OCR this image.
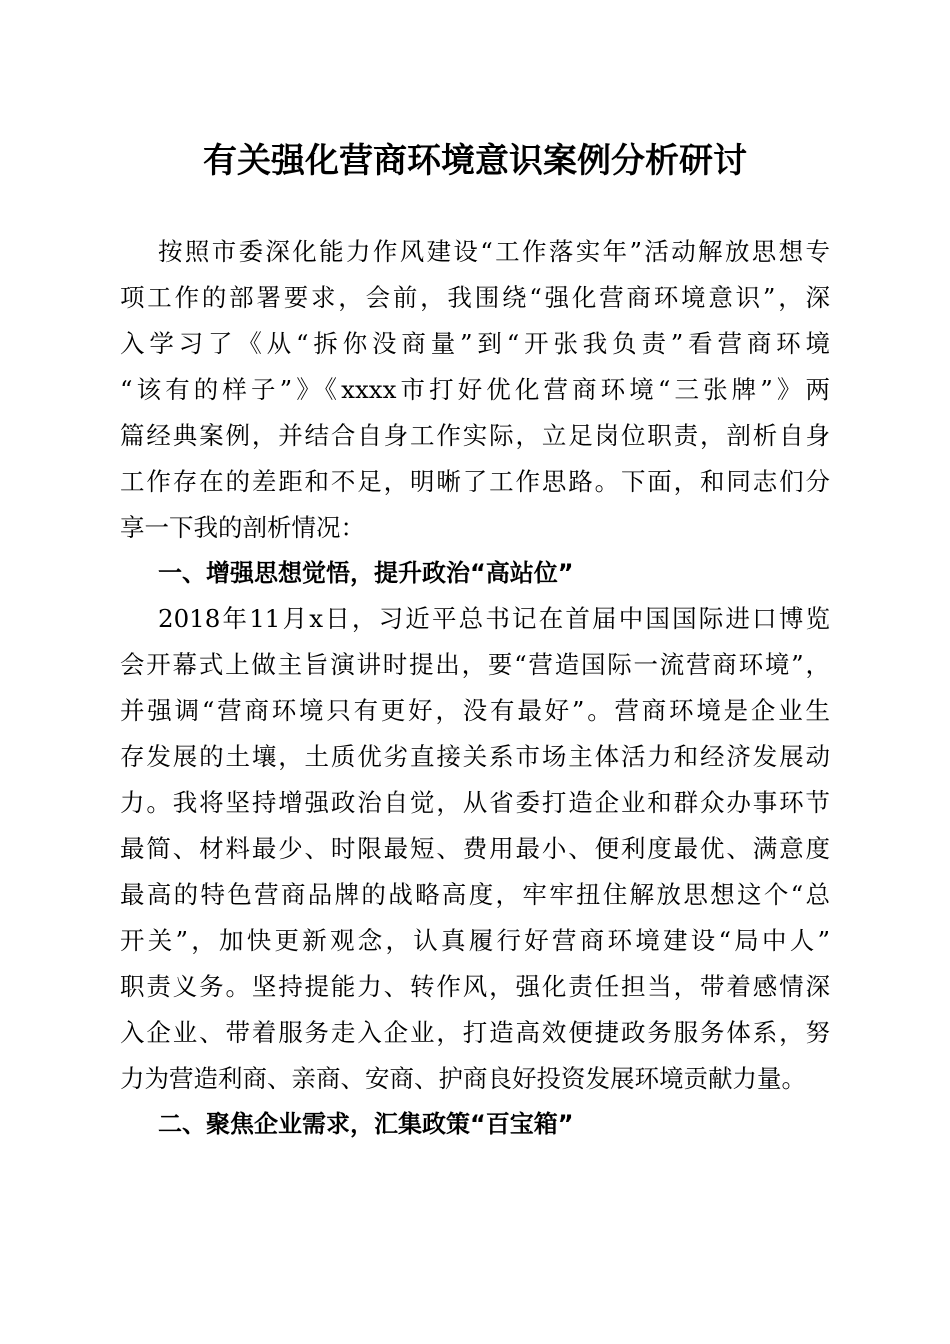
有关强化营商环境意识案例分析研讨

按照市委深化能力作风建设“工作落实年”活动解放思想专

项工作的部署要求，会前，我围绕“强化营商环境意识”，深

入学习了《从“拆你没商量”到“开张我负责”看营商环境

“该有的样子”》《xxxx市打好优化营商环境“三张牌”》两

篇经典案例，并结合自身工作实际，立足岗位职责，剖析自身

工作存在的差距和不足，明晰了工作思路。下面，和同志们分

享一下我的剖析情况：

一、增强思想觉悟，提升政治“高站位”

2018年11月x日，习近平总书记在首届中国国际进口博览

会开幕式上做主旨演讲时提出，要“营造国际一流营商环境”，

并强调“营商环境只有更好，没有最好”。营商环境是企业生

存发展的土壤，土质优劣直接关系市场主体活力和经济发展动

力。我将坚持增强政治自觉，从省委打造企业和群众办事环节

最简、材料最少、时限最短、费用最小、便利度最优、满意度

最高的特色营商品牌的战略高度，牢牢扭住解放思想这个“总

开关”，加快更新观念，认真履行好营商环境建设“局中人”

职责义务。坚持提能力、转作风，强化责任担当，带着感情深

入企业、带着服务走入企业，打造高效便捷政务服务体系，努

力为营造利商、亲商、安商、护商良好投资发展环境贡献力量。

二、聚焦企业需求，汇集政策“百宝箱”
